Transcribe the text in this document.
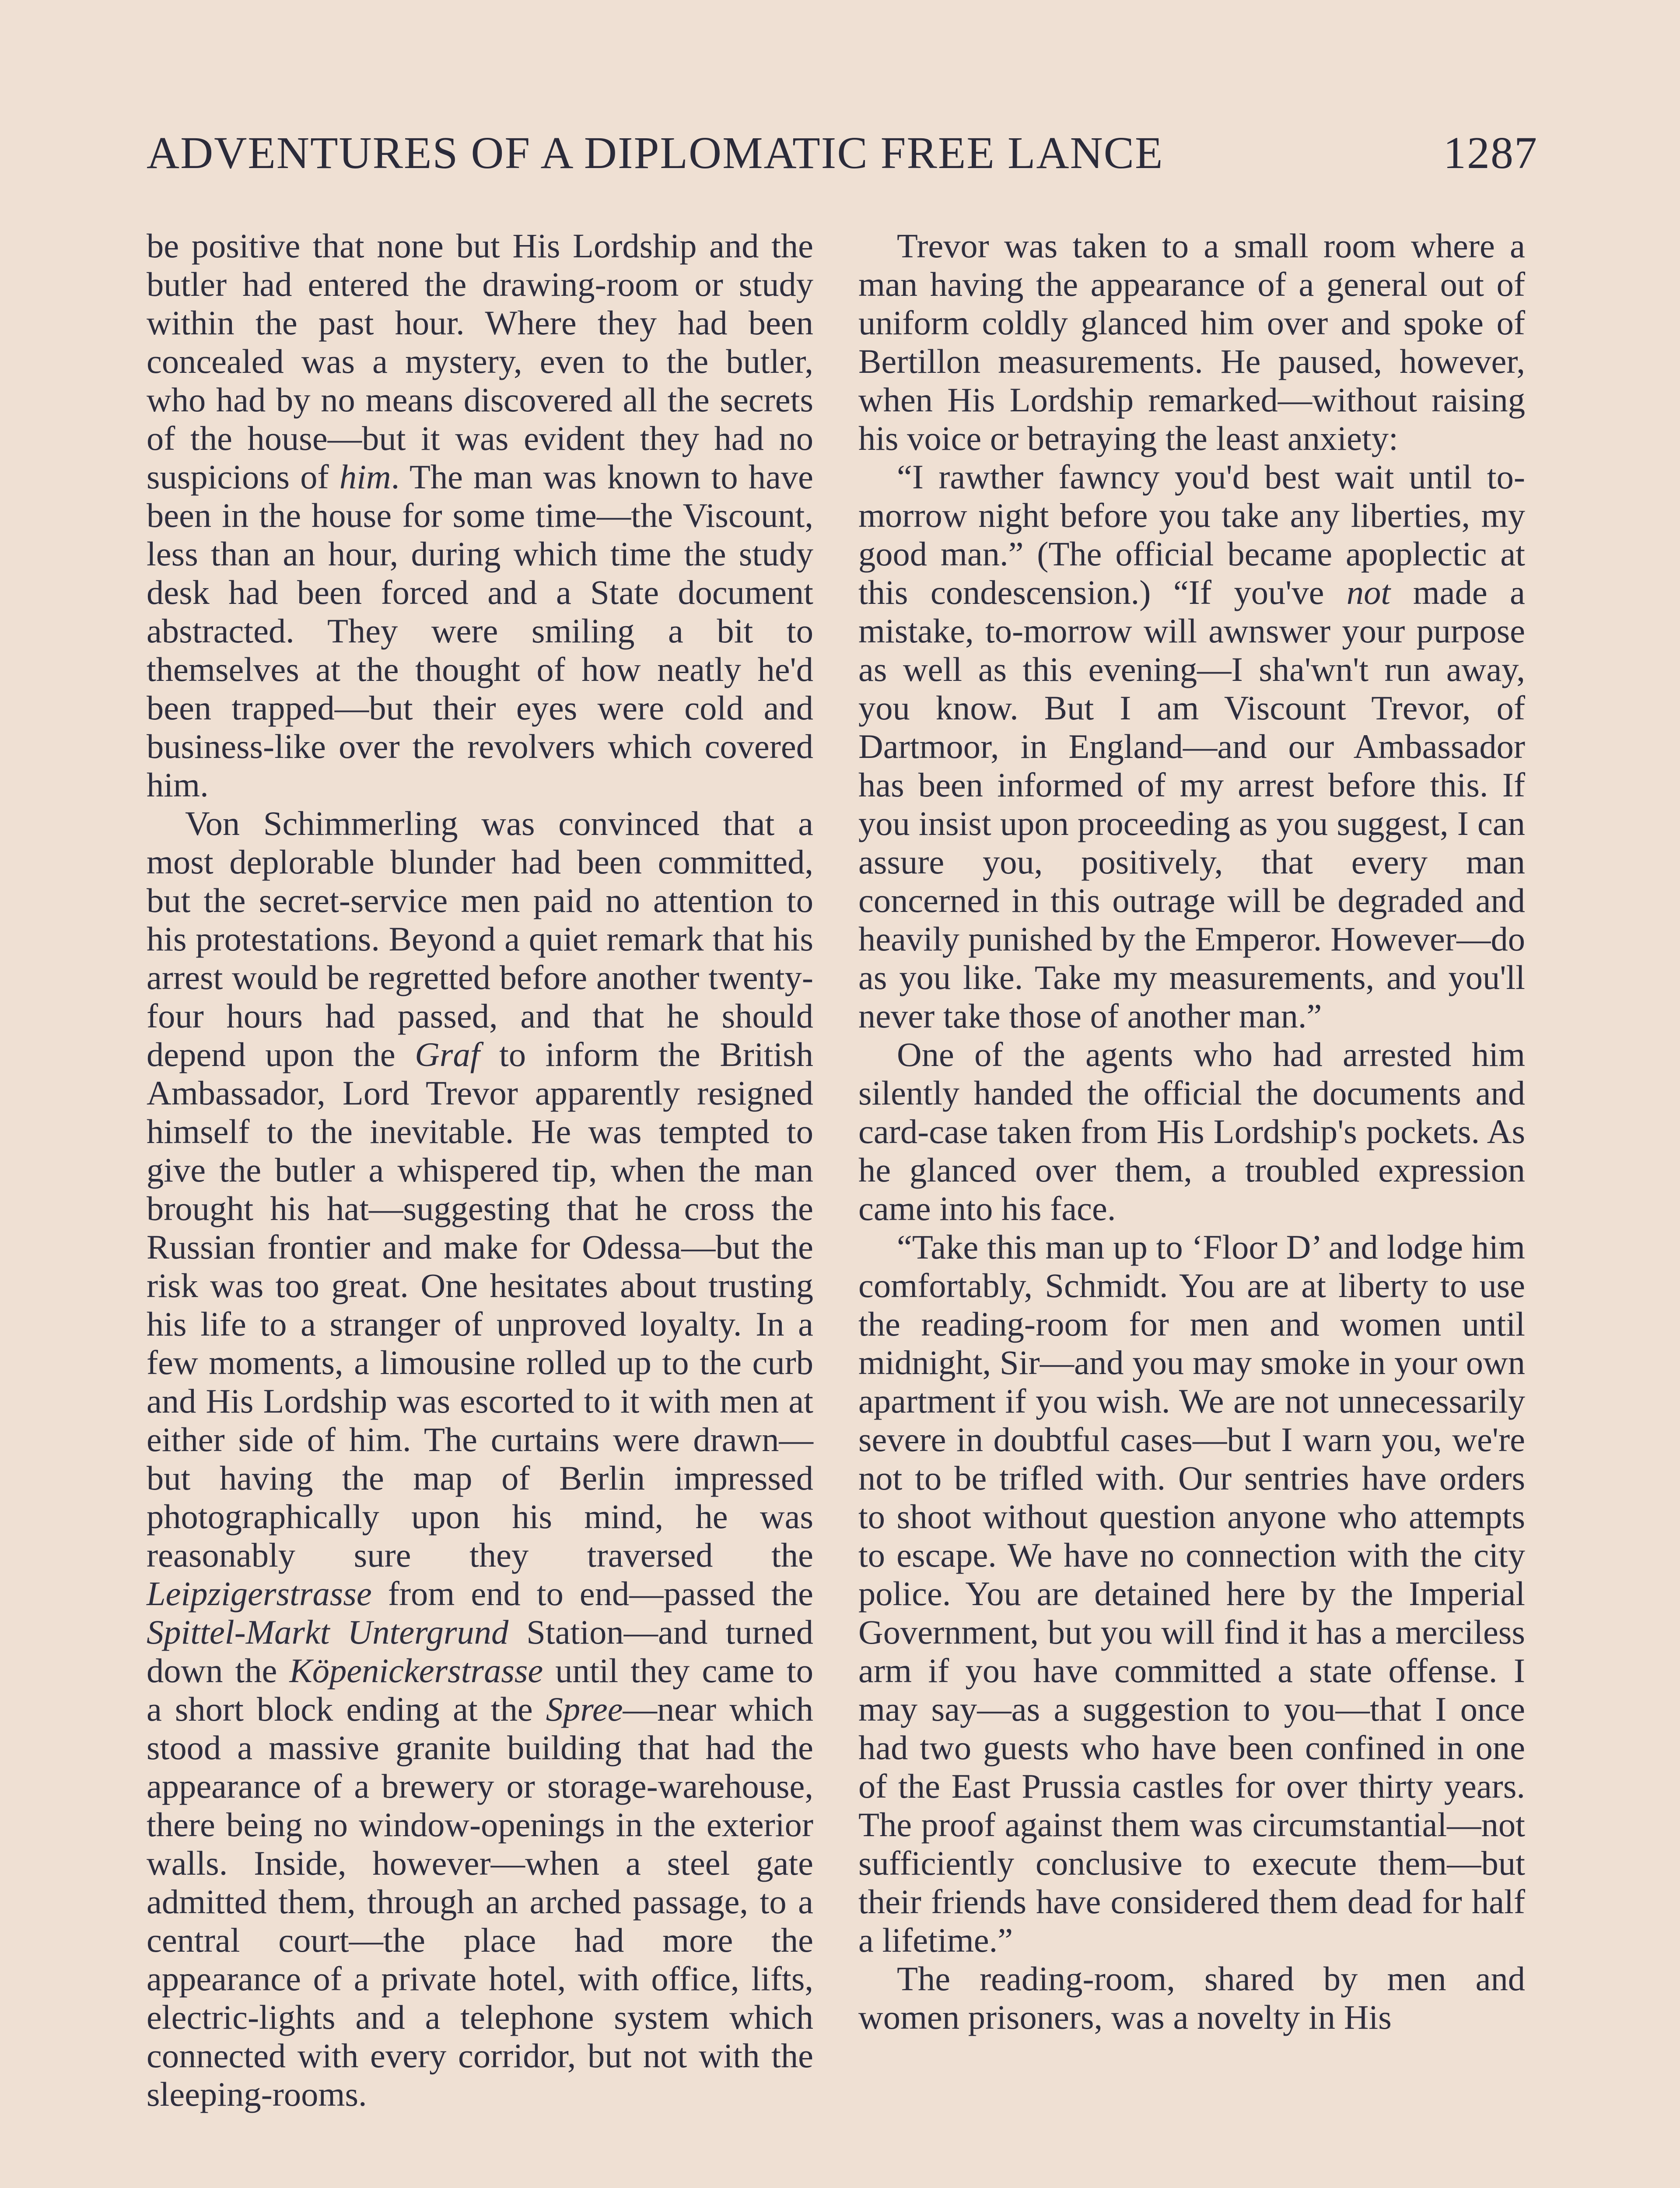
ADVENTURES OF A DIPLOMATIC FREE LANCE	1287

be positive that none but His Lordship and the butler had entered the drawing-room or study within the past hour. Where they had been concealed was a mystery, even to the butler, who had by no means discovered all the secrets of the house—but it was evident they had no suspicions of him. The man was known to have been in the house for some time—the Viscount, less than an hour, during which time the study desk had been forced and a State document abstracted. They were smiling a bit to themselves at the thought of how neatly he'd been trapped—but their eyes were cold and business-like over the revolvers which covered him.

Von Schimmerling was convinced that a most deplorable blunder had been committed, but the secret-service men paid no attention to his protestations. Beyond a quiet remark that his arrest would be regretted before another twenty-four hours had passed, and that he should depend upon the Graf to inform the British Ambassador, Lord Trevor apparently resigned himself to the inevitable. He was tempted to give the butler a whispered tip, when the man brought his hat—suggesting that he cross the Russian frontier and make for Odessa—but the risk was too great. One hesitates about trusting his life to a stranger of unproved loyalty. In a few moments, a limousine rolled up to the curb and His Lordship was escorted to it with men at either side of him. The curtains were drawn—but having the map of Berlin impressed photographically upon his mind, he was reasonably sure they traversed the Leipzigerstrasse from end to end—passed the Spittel-Markt Untergrund Station—and turned down the Köpenickerstrasse until they came to a short block ending at the Spree—near which stood a massive granite building that had the appearance of a brewery or storage-warehouse, there being no window-openings in the exterior walls. Inside, however—when a steel gate admitted them, through an arched passage, to a central court—the place had more the appearance of a private hotel, with office, lifts, electric-lights and a telephone system which connected with every corridor, but not with the sleeping-rooms.

Trevor was taken to a small room where a man having the appearance of a general out of uniform coldly glanced him over and spoke of Bertillon measurements. He paused, however, when His Lordship remarked—without raising his voice or betraying the least anxiety:

“I rawther fawncy you'd best wait until to-morrow night before you take any liberties, my good man.” (The official became apoplectic at this condescension.) “If you've not made a mistake, to-morrow will awnswer your purpose as well as this evening—I sha'wn't run away, you know. But I am Viscount Trevor, of Dartmoor, in England—and our Ambassador has been informed of my arrest before this. If you insist upon proceeding as you suggest, I can assure you, positively, that every man concerned in this outrage will be degraded and heavily punished by the Emperor. However—do as you like. Take my measurements, and you'll never take those of another man.”

One of the agents who had arrested him silently handed the official the documents and card-case taken from His Lordship's pockets. As he glanced over them, a troubled expression came into his face.

“Take this man up to ‘Floor D’ and lodge him comfortably, Schmidt. You are at liberty to use the reading-room for men and women until midnight, Sir—and you may smoke in your own apartment if you wish. We are not unnecessarily severe in doubtful cases—but I warn you, we're not to be trifled with. Our sentries have orders to shoot without question anyone who attempts to escape. We have no connection with the city police. You are detained here by the Imperial Government, but you will find it has a merciless arm if you have committed a state offense. I may say—as a suggestion to you—that I once had two guests who have been confined in one of the East Prussia castles for over thirty years. The proof against them was circumstantial—not sufficiently conclusive to execute them—but their friends have considered them dead for half a lifetime.”

The reading-room, shared by men and women prisoners, was a novelty in His
